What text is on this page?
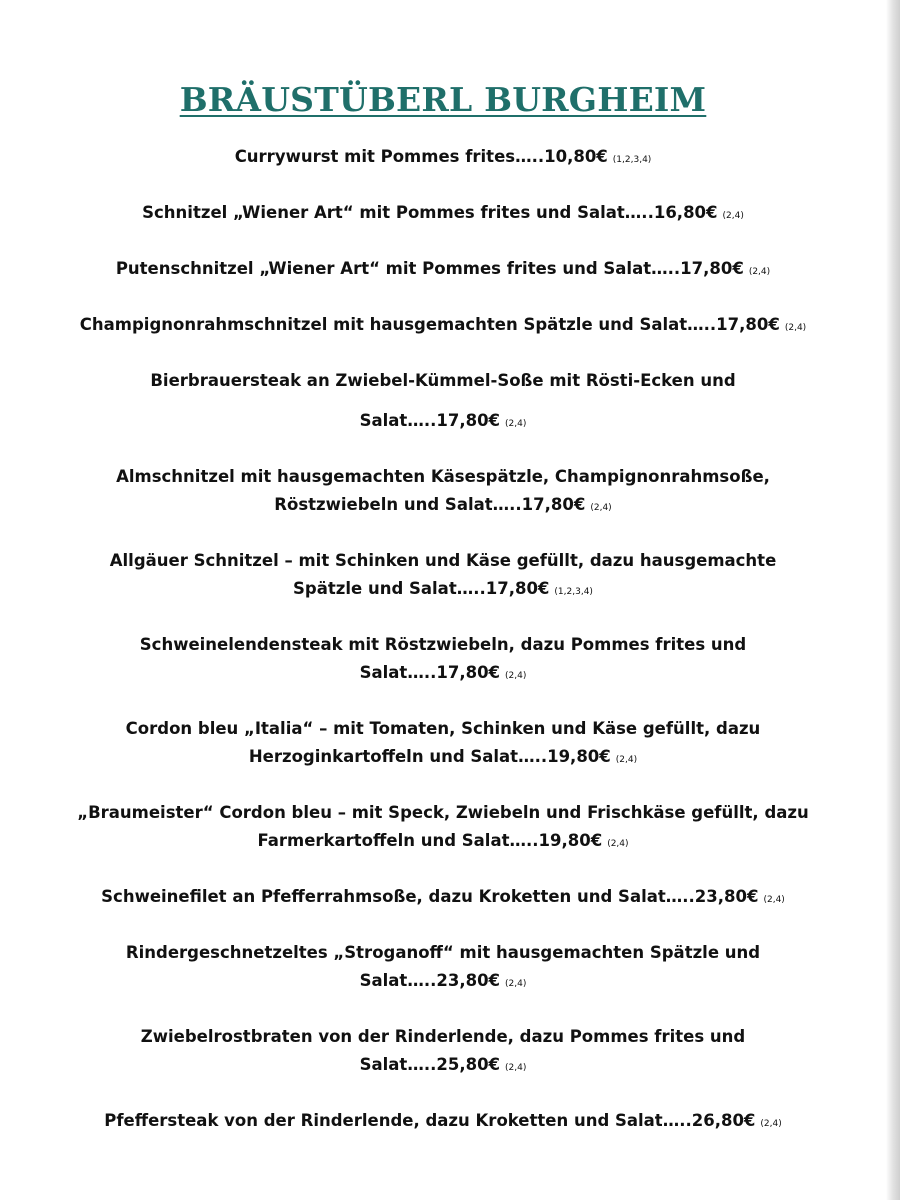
BRÄUSTÜBERL BURGHEIM
Currywurst mit Pommes frites…..10,80€ (1,2,3,4)
Schnitzel „Wiener Art“ mit Pommes frites und Salat…..16,80€ (2,4)
Putenschnitzel „Wiener Art“ mit Pommes frites und Salat…..17,80€ (2,4)
Champignonrahmschnitzel mit hausgemachten Spätzle und Salat…..17,80€ (2,4)
Bierbrauersteak an Zwiebel-Kümmel-Soße mit Rösti-Ecken und
Salat…..17,80€ (2,4)
Almschnitzel mit hausgemachten Käsespätzle, Champignonrahmsoße,
Röstzwiebeln und Salat…..17,80€ (2,4)
Allgäuer Schnitzel – mit Schinken und Käse gefüllt, dazu hausgemachte
Spätzle und Salat…..17,80€ (1,2,3,4)
Schweinelendensteak mit Röstzwiebeln, dazu Pommes frites und
Salat…..17,80€ (2,4)
Cordon bleu „Italia“ – mit Tomaten, Schinken und Käse gefüllt, dazu
Herzoginkartoffeln und Salat…..19,80€ (2,4)
„Braumeister“ Cordon bleu – mit Speck, Zwiebeln und Frischkäse gefüllt, dazu
Farmerkartoffeln und Salat…..19,80€ (2,4)
Schweinefilet an Pfefferrahmsoße, dazu Kroketten und Salat…..23,80€ (2,4)
Rindergeschnetzeltes „Stroganoff“ mit hausgemachten Spätzle und
Salat…..23,80€ (2,4)
Zwiebelrostbraten von der Rinderlende, dazu Pommes frites und
Salat…..25,80€ (2,4)
Pfeffersteak von der Rinderlende, dazu Kroketten und Salat…..26,80€ (2,4)
